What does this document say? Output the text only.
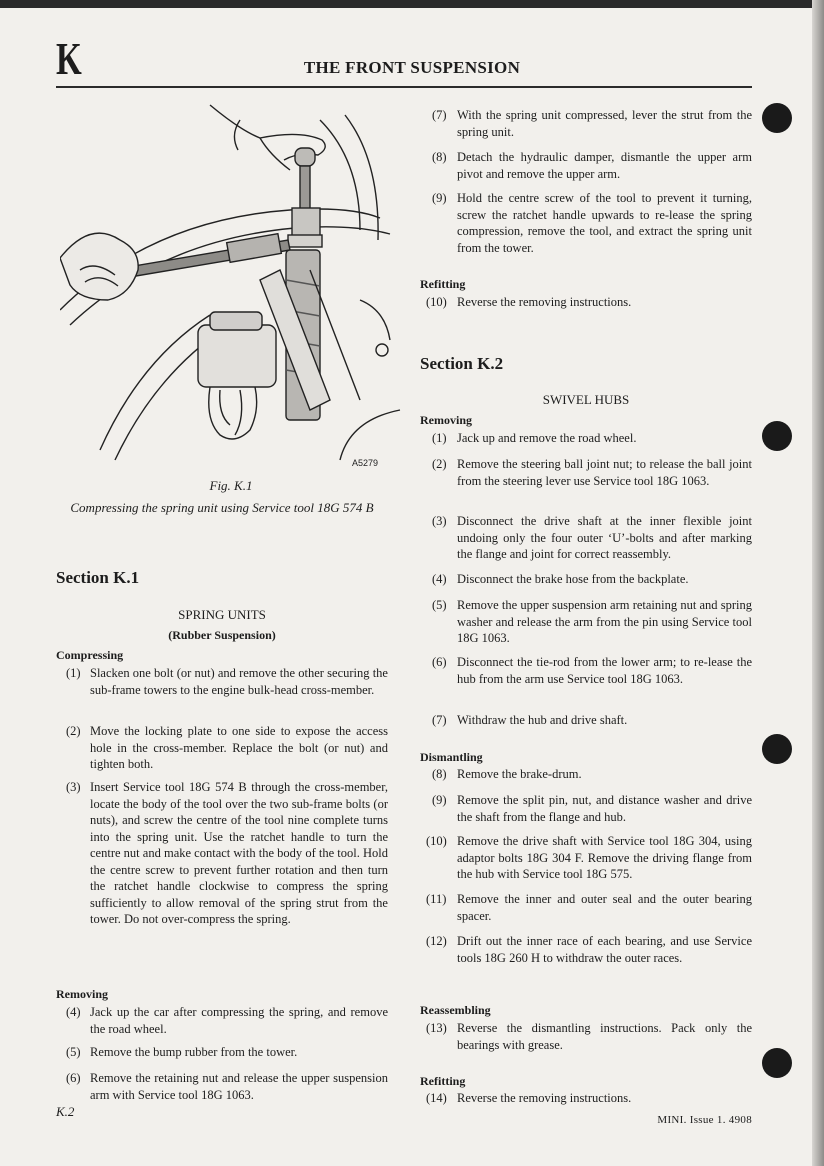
K	THE FRONT SUSPENSION
A5279
Fig. K.1
Compressing the spring unit using Service tool 18G 574 B
Section K.1
SPRING UNITS
(Rubber Suspension)
Compressing
(1) Slacken one bolt (or nut) and remove the other securing the sub-frame towers to the engine bulk-head cross-member.
(2) Move the locking plate to one side to expose the access hole in the cross-member. Replace the bolt (or nut) and tighten both.
(3) Insert Service tool 18G 574 B through the cross-member, locate the body of the tool over the two sub-frame bolts (or nuts), and screw the centre of the tool nine complete turns into the spring unit. Use the ratchet handle to turn the centre nut and make contact with the body of the tool. Hold the centre screw to prevent further rotation and then turn the ratchet handle clockwise to compress the spring sufficiently to allow removal of the spring strut from the tower. Do not over-compress the spring.
Removing
(4) Jack up the car after compressing the spring, and remove the road wheel.
(5) Remove the bump rubber from the tower.
(6) Remove the retaining nut and release the upper suspension arm with Service tool 18G 1063.
(7) With the spring unit compressed, lever the strut from the spring unit.
(8) Detach the hydraulic damper, dismantle the upper arm pivot and remove the upper arm.
(9) Hold the centre screw of the tool to prevent it turning, screw the ratchet handle upwards to re-lease the spring compression, remove the tool, and extract the spring unit from the tower.
Refitting
(10) Reverse the removing instructions.
Section K.2
SWIVEL HUBS
Removing
(1) Jack up and remove the road wheel.
(2) Remove the steering ball joint nut; to release the ball joint from the steering lever use Service tool 18G 1063.
(3) Disconnect the drive shaft at the inner flexible joint undoing only the four outer ‘U’-bolts and after marking the flange and joint for correct reassembly.
(4) Disconnect the brake hose from the backplate.
(5) Remove the upper suspension arm retaining nut and spring washer and release the arm from the pin using Service tool 18G 1063.
(6) Disconnect the tie-rod from the lower arm; to re-lease the hub from the arm use Service tool 18G 1063.
(7) Withdraw the hub and drive shaft.
Dismantling
(8) Remove the brake-drum.
(9) Remove the split pin, nut, and distance washer and drive the shaft from the flange and hub.
(10) Remove the drive shaft with Service tool 18G 304, using adaptor bolts 18G 304 F. Remove the driving flange from the hub with Service tool 18G 575.
(11) Remove the inner and outer seal and the outer bearing spacer.
(12) Drift out the inner race of each bearing, and use Service tools 18G 260 H to withdraw the outer races.
Reassembling
(13) Reverse the dismantling instructions. Pack only the bearings with grease.
Refitting
(14) Reverse the removing instructions.
K.2
MINI. Issue 1. 4908
